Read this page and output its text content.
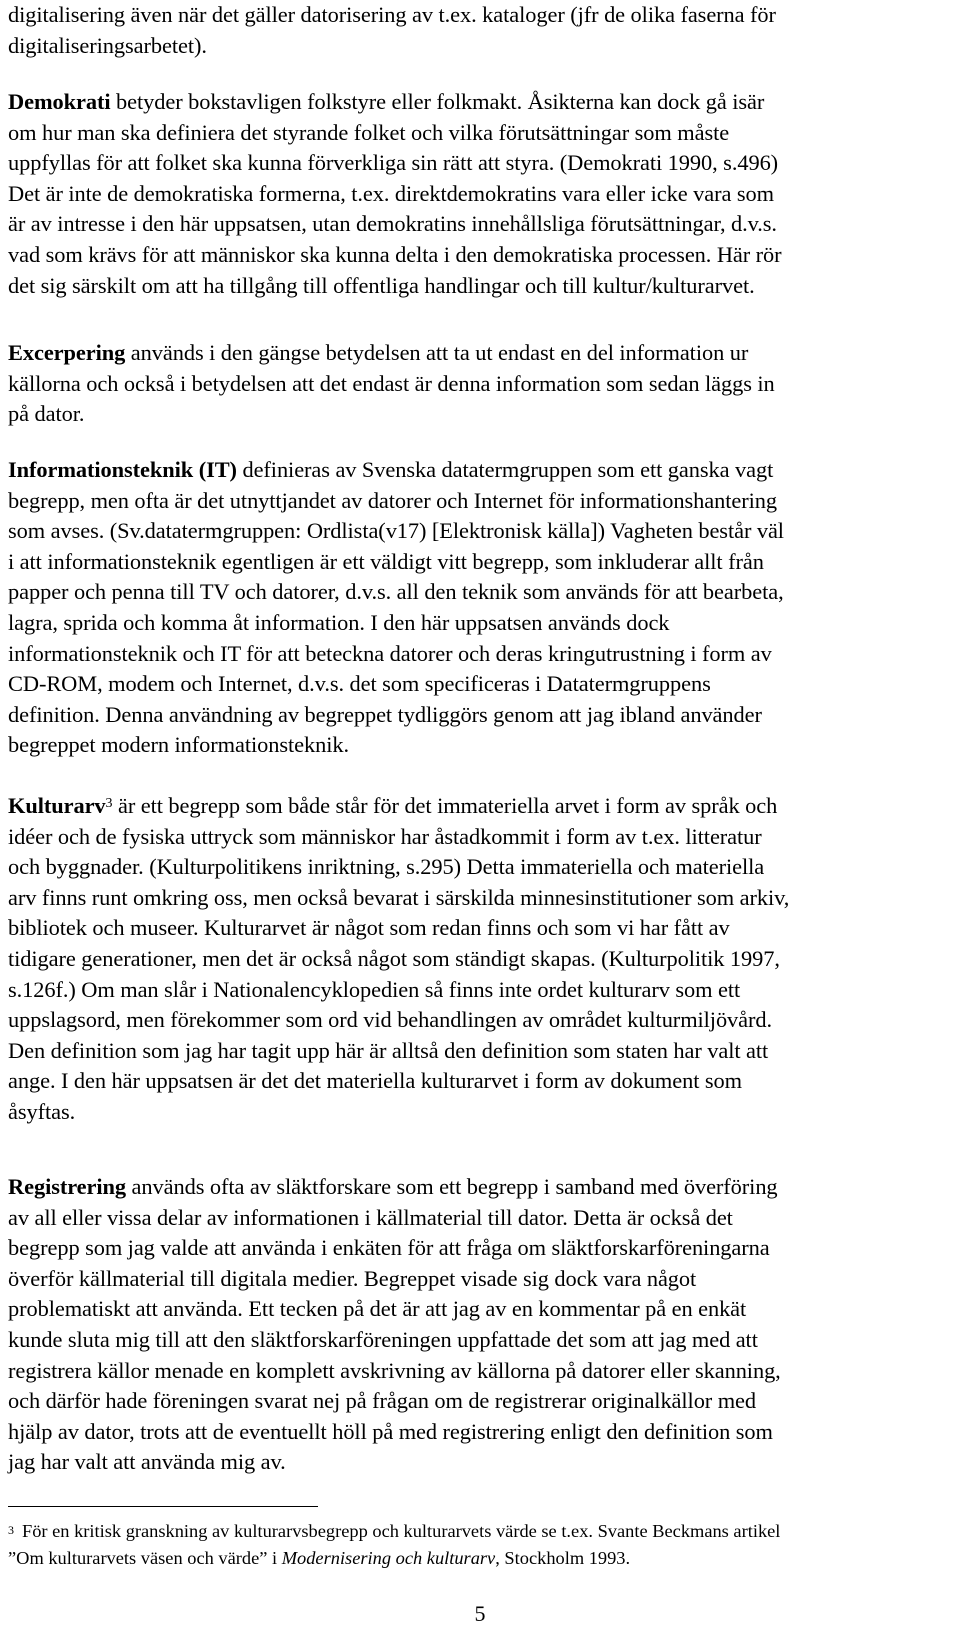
digitalisering även när det gäller datorisering av t.ex. kataloger (jfr de olika faserna för
digitaliseringsarbetet).

Demokrati betyder bokstavligen folkstyre eller folkmakt. Åsikterna kan dock gå isär
om hur man ska definiera det styrande folket och vilka förutsättningar som måste
uppfyllas för att folket ska kunna förverkliga sin rätt att styra. (Demokrati 1990, s.496)
Det är inte de demokratiska formerna, t.ex. direktdemokratins vara eller icke vara som
är av intresse i den här uppsatsen, utan demokratins innehållsliga förutsättningar, d.v.s.
vad som krävs för att människor ska kunna delta i den demokratiska processen. Här rör
det sig särskilt om att ha tillgång till offentliga handlingar och till kultur/kulturarvet.

Excerpering används i den gängse betydelsen att ta ut endast en del information ur
källorna och också i betydelsen att det endast är denna information som sedan läggs in
på dator.

Informationsteknik (IT) definieras av Svenska datatermgruppen som ett ganska vagt
begrepp, men ofta är det utnyttjandet av datorer och Internet för informationshantering
som avses. (Sv.datatermgruppen: Ordlista(v17) [Elektronisk källa]) Vagheten består väl
i att informationsteknik egentligen är ett väldigt vitt begrepp, som inkluderar allt från
papper och penna till TV och datorer, d.v.s. all den teknik som används för att bearbeta,
lagra, sprida och komma åt information. I den här uppsatsen används dock
informationsteknik och IT för att beteckna datorer och deras kringutrustning i form av
CD-ROM, modem och Internet, d.v.s. det som specificeras i Datatermgruppens
definition. Denna användning av begreppet tydliggörs genom att jag ibland använder
begreppet modern informationsteknik.

Kulturarv$^3$ är ett begrepp som både står för det immateriella arvet i form av språk och
idéer och de fysiska uttryck som människor har åstadkommit i form av t.ex. litteratur
och byggnader. (Kulturpolitikens inriktning, s.295) Detta immateriella och materiella
arv finns runt omkring oss, men också bevarat i särskilda minnesinstitutioner som arkiv,
bibliotek och museer. Kulturarvet är något som redan finns och som vi har fått av
tidigare generationer, men det är också något som ständigt skapas. (Kulturpolitik 1997,
s.126f.) Om man slår i Nationalencyklopedien så finns inte ordet kulturarv som ett
uppslagsord, men förekommer som ord vid behandlingen av området kulturmiljövård.
Den definition som jag har tagit upp här är alltså den definition som staten har valt att
ange. I den här uppsatsen är det det materiella kulturarvet i form av dokument som
åsyftas.

Registrering används ofta av släktforskare som ett begrepp i samband med överföring
av all eller vissa delar av informationen i källmaterial till dator. Detta är också det
begrepp som jag valde att använda i enkäten för att fråga om släktforskarföreningarna
överför källmaterial till digitala medier. Begreppet visade sig dock vara något
problematiskt att använda. Ett tecken på det är att jag av en kommentar på en enkät
kunde sluta mig till att den släktforskarföreningen uppfattade det som att jag med att
registrera källor menade en komplett avskrivning av källorna på datorer eller skanning,
och därför hade föreningen svarat nej på frågan om de registrerar originalkällor med
hjälp av dator, trots att de eventuellt höll på med registrering enligt den definition som
jag har valt att använda mig av.

$^3$ För en kritisk granskning av kulturarvsbegrepp och kulturarvets värde se t.ex. Svante Beckmans artikel
”Om kulturarvets väsen och värde” i Modernisering och kulturarv, Stockholm 1993.
5
